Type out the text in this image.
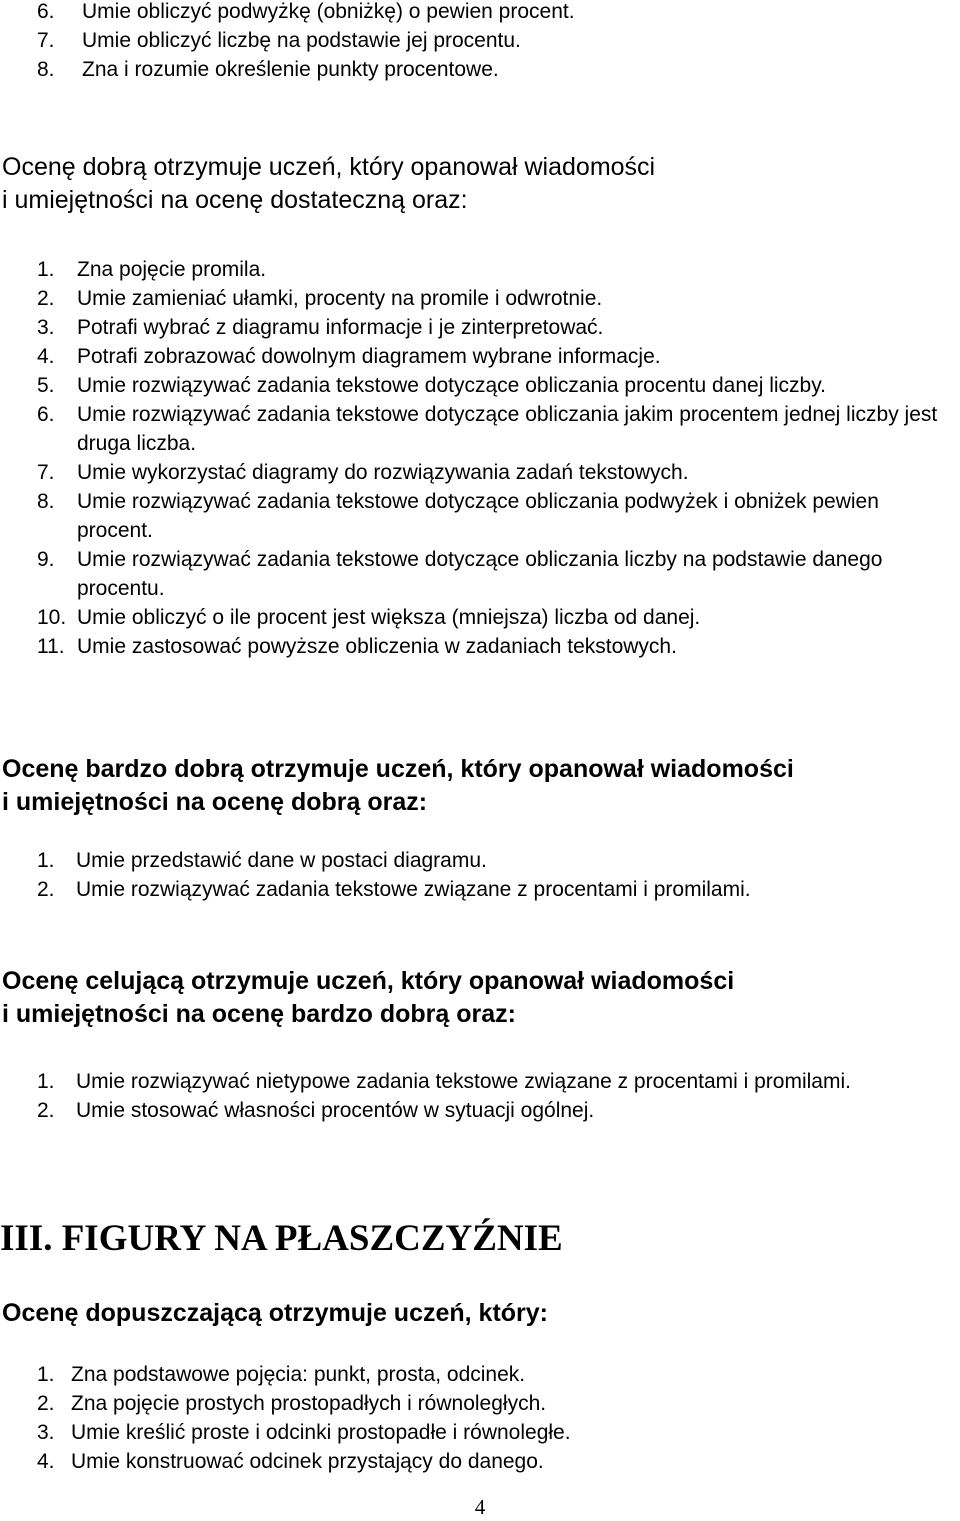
6. Umie obliczyć podwyżkę (obniżkę) o pewien procent.
7. Umie obliczyć liczbę na podstawie jej procentu.
8. Zna i rozumie określenie punkty procentowe.

Ocenę dobrą otrzymuje uczeń, który opanował wiadomości
i umiejętności na ocenę dostateczną oraz:

1. Zna pojęcie promila.
2. Umie zamieniać ułamki, procenty na promile i odwrotnie.
3. Potrafi wybrać z diagramu informacje i je zinterpretować.
4. Potrafi zobrazować dowolnym diagramem wybrane informacje.
5. Umie rozwiązywać zadania tekstowe dotyczące obliczania procentu danej liczby.
6. Umie rozwiązywać zadania tekstowe dotyczące obliczania jakim procentem jednej liczby jest druga liczba.
7. Umie wykorzystać diagramy do rozwiązywania zadań tekstowych.
8. Umie rozwiązywać zadania tekstowe dotyczące obliczania podwyżek i obniżek pewien procent.
9. Umie rozwiązywać zadania tekstowe dotyczące obliczania liczby na podstawie danego procentu.
10. Umie obliczyć o ile procent jest większa (mniejsza) liczba od danej.
11. Umie zastosować powyższe obliczenia w zadaniach tekstowych.

Ocenę bardzo dobrą otrzymuje uczeń, który opanował wiadomości
i umiejętności na ocenę dobrą oraz:

1. Umie przedstawić dane w postaci diagramu.
2. Umie rozwiązywać zadania tekstowe związane z procentami i promilami.

Ocenę celującą otrzymuje uczeń, który opanował wiadomości
i umiejętności na ocenę bardzo dobrą oraz:

1. Umie rozwiązywać nietypowe zadania tekstowe związane z procentami i promilami.
2. Umie stosować własności procentów w sytuacji ogólnej.
III. FIGURY NA PŁASZCZYŹNIE

Ocenę dopuszczającą otrzymuje uczeń, który:

1. Zna podstawowe pojęcia: punkt, prosta, odcinek.
2. Zna pojęcie prostych prostopadłych i równoległych.
3. Umie kreślić proste i odcinki prostopadłe i równoległe.
4. Umie konstruować odcinek przystający do danego.
4
